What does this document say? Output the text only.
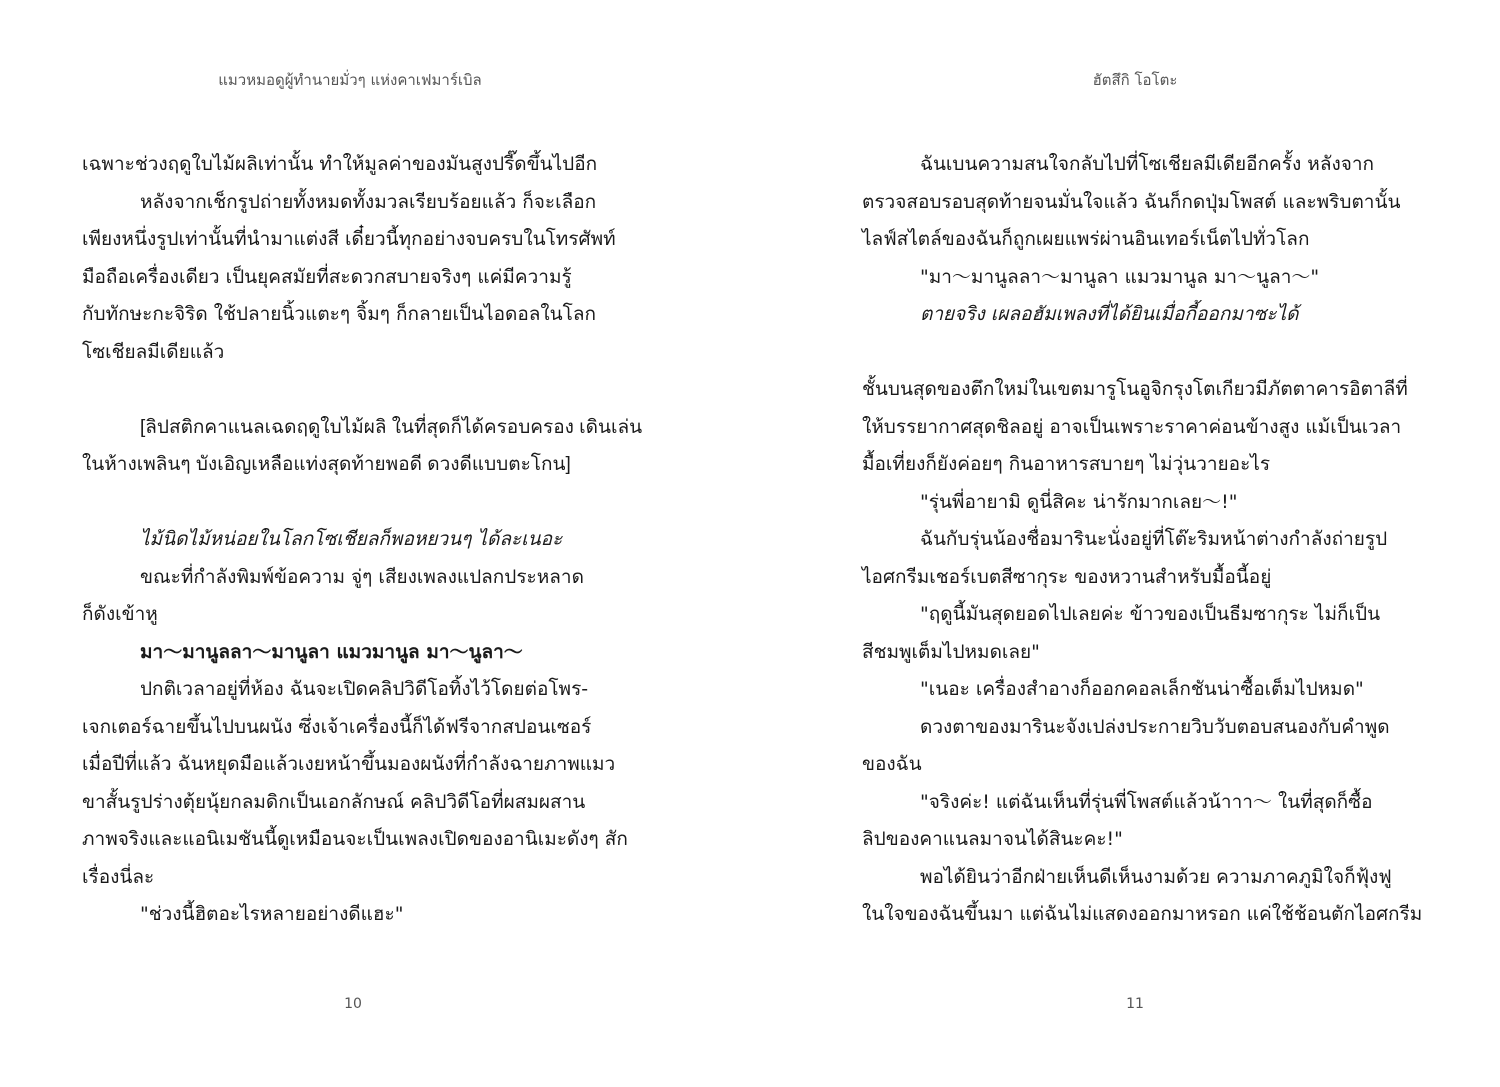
แมวหมอดูผู้ทำนายมั่วๆ แห่งคาเฟมาร์เบิล
เฉพาะช่วงฤดูใบไม้ผลิเท่านั้น ทำให้มูลค่าของมันสูงปรี๊ดขึ้นไปอีก
หลังจากเช็กรูปถ่ายทั้งหมดทั้งมวลเรียบร้อยแล้ว ก็จะเลือก
เพียงหนึ่งรูปเท่านั้นที่นำมาแต่งสี เดี๋ยวนี้ทุกอย่างจบครบในโทรศัพท์
มือถือเครื่องเดียว เป็นยุคสมัยที่สะดวกสบายจริงๆ แค่มีความรู้
กับทักษะกะจิริด ใช้ปลายนิ้วแตะๆ จิ้มๆ ก็กลายเป็นไอดอลในโลก
โซเชียลมีเดียแล้ว
[ลิปสติกคาแนลเฉดฤดูใบไม้ผลิ ในที่สุดก็ได้ครอบครอง เดินเล่น
ในห้างเพลินๆ บังเอิญเหลือแท่งสุดท้ายพอดี ดวงดีแบบตะโกน]
ไม้นิดไม้หน่อยในโลกโซเชียลก็พอหยวนๆ ได้ละเนอะ
ขณะที่กำลังพิมพ์ข้อความ จู่ๆ เสียงเพลงแปลกประหลาด
ก็ดังเข้าหู
มา～มานูลลา～มานูลา แมวมานูล มา～นูลา～
ปกติเวลาอยู่ที่ห้อง ฉันจะเปิดคลิปวิดีโอทิ้งไว้โดยต่อโพร-
เจกเตอร์ฉายขึ้นไปบนผนัง ซึ่งเจ้าเครื่องนี้ก็ได้ฟรีจากสปอนเซอร์
เมื่อปีที่แล้ว ฉันหยุดมือแล้วเงยหน้าขึ้นมองผนังที่กำลังฉายภาพแมว
ขาสั้นรูปร่างตุ้ยนุ้ยกลมดิกเป็นเอกลักษณ์ คลิปวิดีโอที่ผสมผสาน
ภาพจริงและแอนิเมชันนี้ดูเหมือนจะเป็นเพลงเปิดของอานิเมะดังๆ สัก
เรื่องนี่ละ
"ช่วงนี้ฮิตอะไรหลายอย่างดีแฮะ"
10
ฮัตสึกิ โอโตะ
ฉันเบนความสนใจกลับไปที่โซเชียลมีเดียอีกครั้ง หลังจาก
ตรวจสอบรอบสุดท้ายจนมั่นใจแล้ว ฉันก็กดปุ่มโพสต์ และพริบตานั้น
ไลฟ์สไตล์ของฉันก็ถูกเผยแพร่ผ่านอินเทอร์เน็ตไปทั่วโลก
"มา～มานูลลา～มานูลา แมวมานูล มา～นูลา～"
ตายจริง เผลอฮัมเพลงที่ได้ยินเมื่อกี้ออกมาซะได้
ชั้นบนสุดของตึกใหม่ในเขตมารูโนอูจิกรุงโตเกียวมีภัตตาคารอิตาลีที่
ให้บรรยากาศสุดชิลอยู่ อาจเป็นเพราะราคาค่อนข้างสูง แม้เป็นเวลา
มื้อเที่ยงก็ยังค่อยๆ กินอาหารสบายๆ ไม่วุ่นวายอะไร
"รุ่นพี่อายามิ ดูนี่สิคะ น่ารักมากเลย～!"
ฉันกับรุ่นน้องชื่อมารินะนั่งอยู่ที่โต๊ะริมหน้าต่างกำลังถ่ายรูป
ไอศกรีมเชอร์เบตสีซากุระ ของหวานสำหรับมื้อนี้อยู่
"ฤดูนี้มันสุดยอดไปเลยค่ะ ข้าวของเป็นธีมซากุระ ไม่ก็เป็น
สีชมพูเต็มไปหมดเลย"
"เนอะ เครื่องสำอางก็ออกคอลเล็กชันน่าซื้อเต็มไปหมด"
ดวงตาของมารินะจังเปล่งประกายวิบวับตอบสนองกับคำพูด
ของฉัน
"จริงค่ะ! แต่ฉันเห็นที่รุ่นพี่โพสต์แล้วน้าาา～ ในที่สุดก็ซื้อ
ลิปของคาแนลมาจนได้สินะคะ!"
พอได้ยินว่าอีกฝ่ายเห็นดีเห็นงามด้วย ความภาคภูมิใจก็ฟุ้งฟู
ในใจของฉันขึ้นมา แต่ฉันไม่แสดงออกมาหรอก แค่ใช้ช้อนตักไอศกรีม
11
